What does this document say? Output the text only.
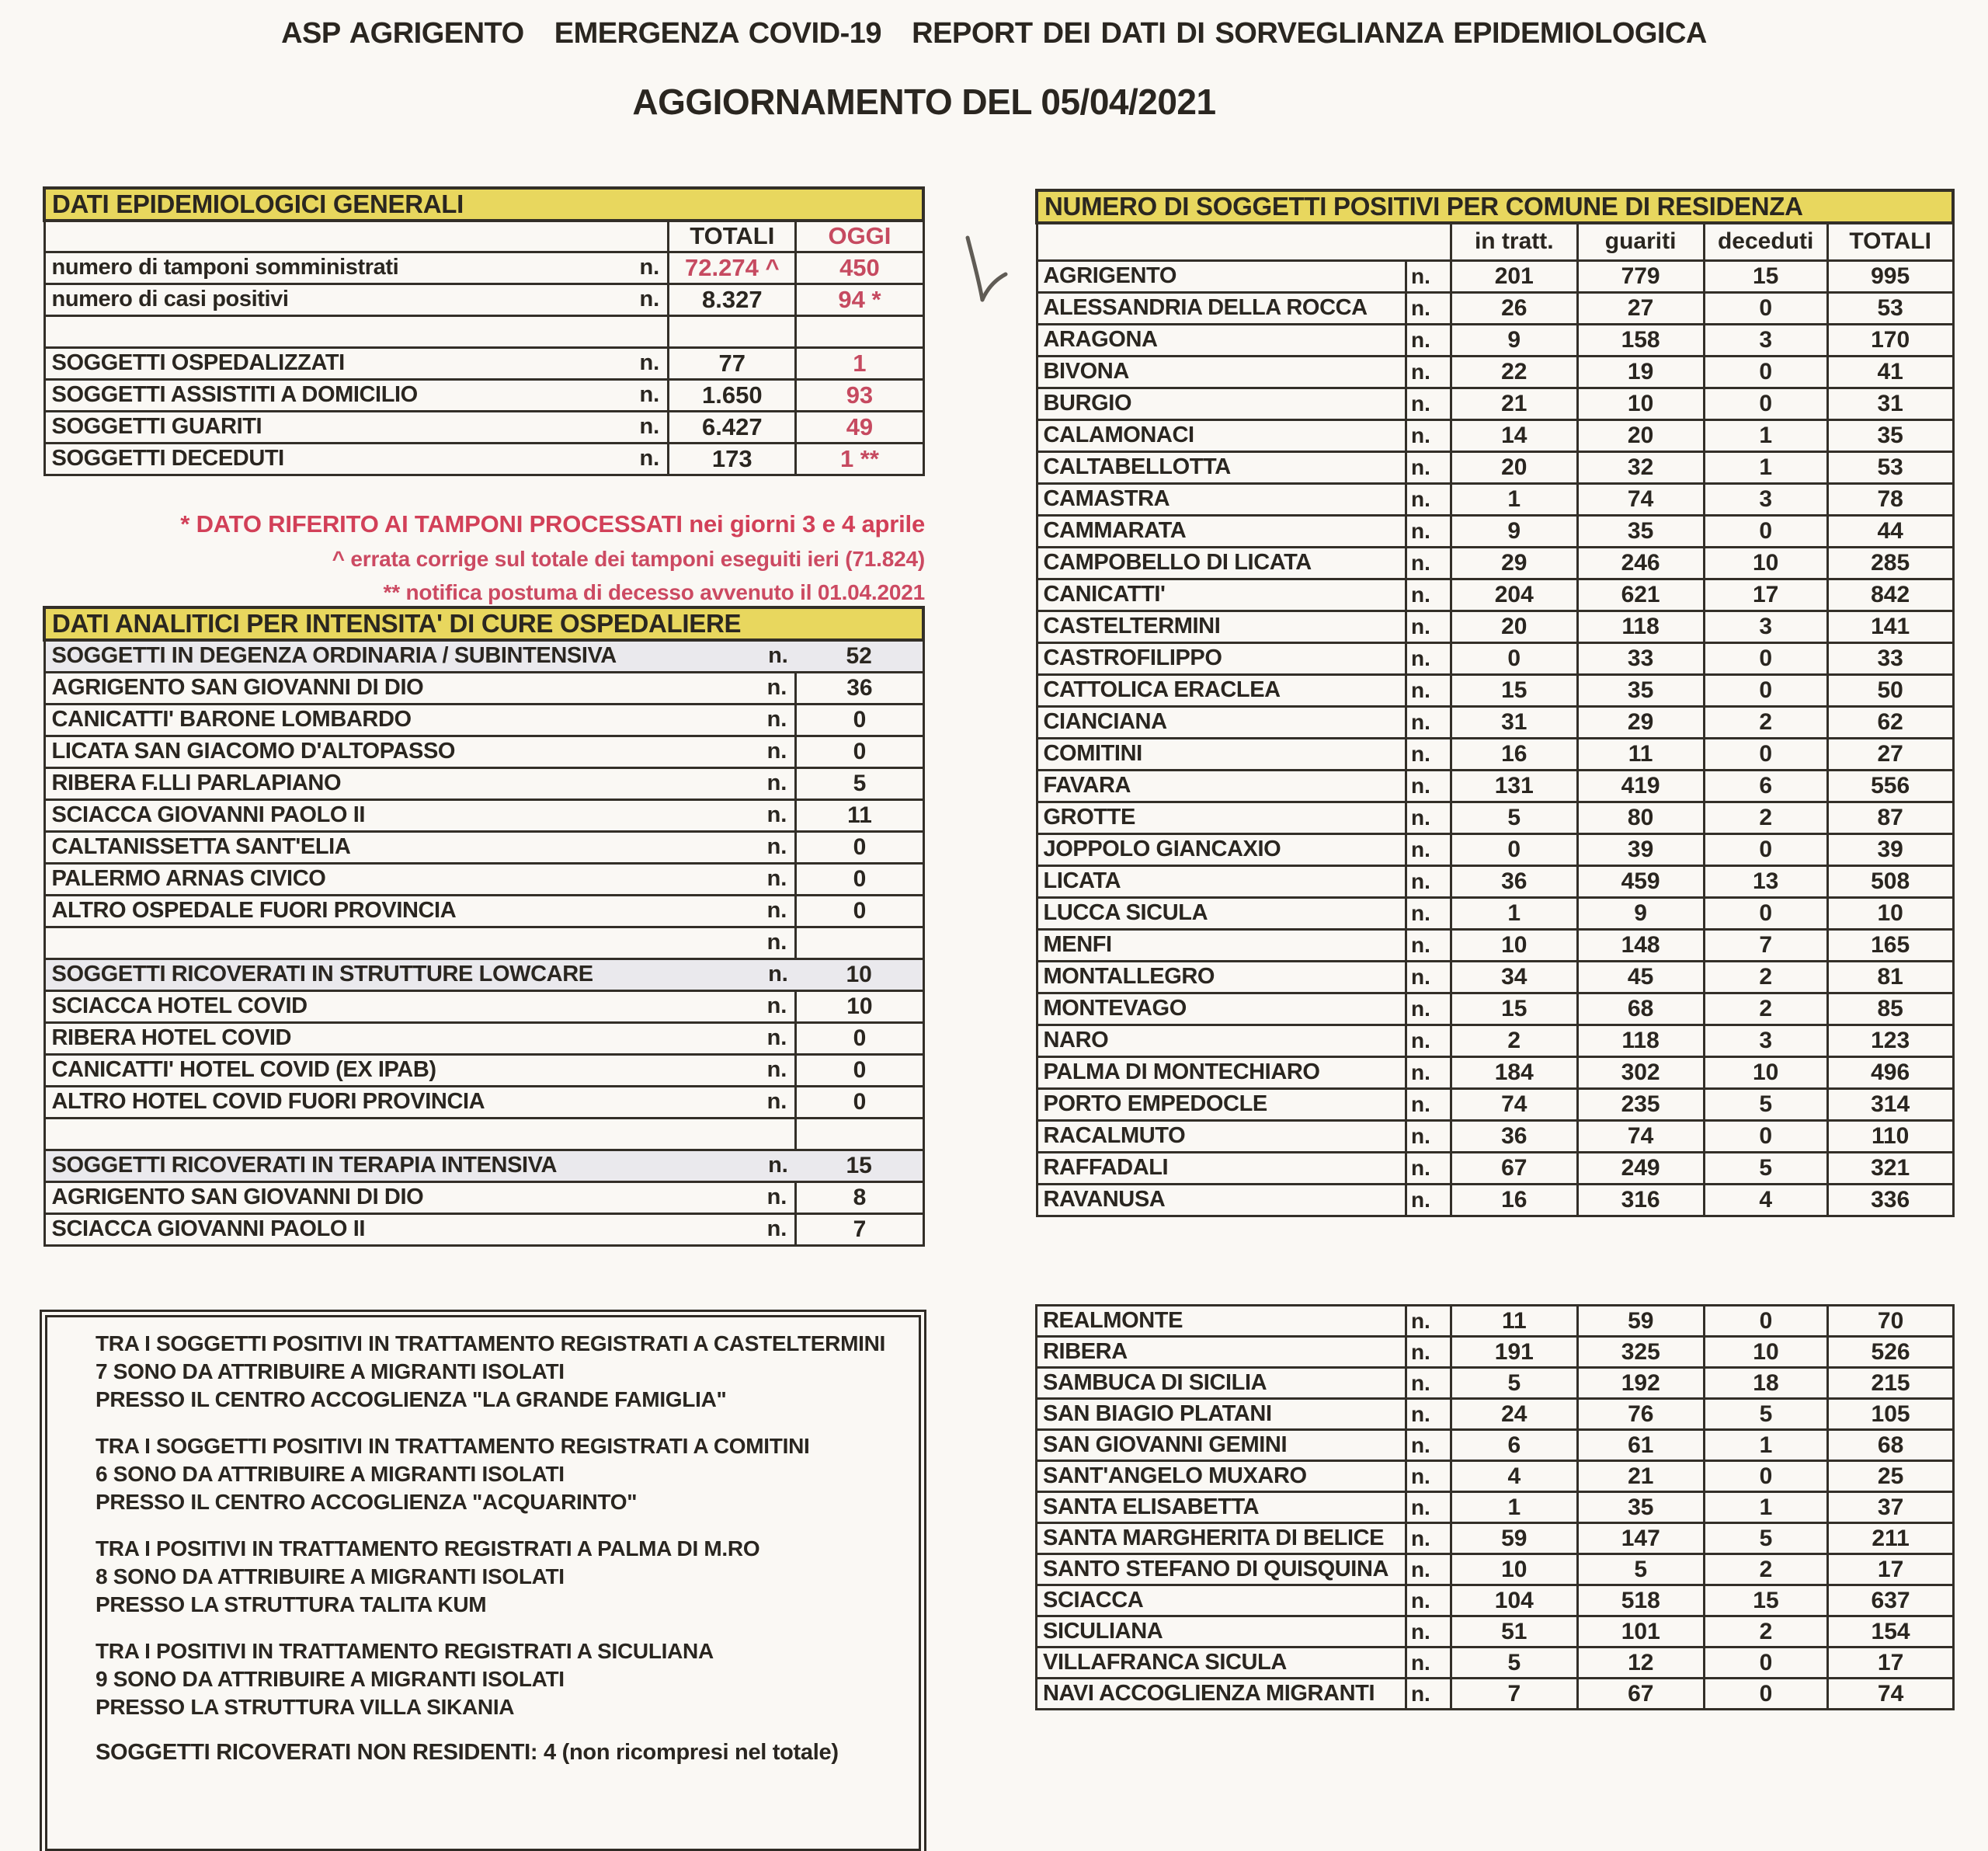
ASP AGRIGENTO   EMERGENZA COVID-19   REPORT DEI DATI DI SORVEGLIANZA EPIDEMIOLOGICA
AGGIORNAMENTO DEL 05/04/2021
DATI EPIDEMIOLOGICI GENERALI		
	TOTALI	OGGI

numero di tamponi somministrati n.	72.274 ^	450

numero di casi positivi n.	8.327	94 *

SOGGETTI OSPEDALIZZATI n.	77	1

SOGGETTI ASSISTITI A DOMICILIO n.	1.650	93

SOGGETTI GUARITI n.	6.427	49

SOGGETTI DECEDUTI n.	173	1 **
* DATO RIFERITO AI TAMPONI PROCESSATI nei giorni 3 e 4 aprile
^ errata corrige sul totale dei tamponi eseguiti ieri (71.824)
** notifica postuma di decesso avvenuto il 01.04.2021
DATI ANALITICI PER INTENSITA' DI CURE OSPEDALIERE	

SOGGETTI IN DEGENZA ORDINARIA / SUBINTENSIVA n.	52

AGRIGENTO SAN GIOVANNI DI DIO n.	36

CANICATTI' BARONE LOMBARDO n.	0

LICATA SAN GIACOMO D'ALTOPASSO n.	0

RIBERA F.LLI PARLAPIANO n.	5

SCIACCA GIOVANNI PAOLO II n.	11

CALTANISSETTA SANT'ELIA n.	0

PALERMO ARNAS CIVICO n.	0

ALTRO OSPEDALE FUORI PROVINCIA n.	0

n.	

SOGGETTI RICOVERATI IN STRUTTURE LOWCARE n.	10

SCIACCA HOTEL COVID n.	10

RIBERA HOTEL COVID n.	0

CANICATTI' HOTEL COVID (EX IPAB) n.	0

ALTRO HOTEL COVID FUORI PROVINCIA n.	0

SOGGETTI RICOVERATI IN TERAPIA INTENSIVA n.	15

AGRIGENTO SAN GIOVANNI DI DIO n.	8

SCIACCA GIOVANNI PAOLO II n.	7
TRA I SOGGETTI POSITIVI IN TRATTAMENTO REGISTRATI A CASTELTERMINI
7 SONO DA ATTRIBUIRE A MIGRANTI ISOLATI
PRESSO IL CENTRO ACCOGLIENZA "LA GRANDE FAMIGLIA"
TRA I SOGGETTI POSITIVI IN TRATTAMENTO REGISTRATI A COMITINI
6 SONO DA ATTRIBUIRE A MIGRANTI ISOLATI
PRESSO IL CENTRO ACCOGLIENZA "ACQUARINTO"
TRA I POSITIVI IN TRATTAMENTO REGISTRATI A PALMA DI M.RO
8 SONO DA ATTRIBUIRE A MIGRANTI ISOLATI
PRESSO LA STRUTTURA TALITA KUM
TRA I POSITIVI IN TRATTAMENTO REGISTRATI A SICULIANA
9 SONO DA ATTRIBUIRE A MIGRANTI ISOLATI
PRESSO LA STRUTTURA VILLA SIKANIA
SOGGETTI RICOVERATI NON RESIDENTI: 4 (non ricompresi nel totale)
NUMERO DI SOGGETTI POSITIVI PER COMUNE DI RESIDENZA					
		in tratt.	guariti	deceduti	TOTALI
AGRIGENTO	n.	201	779	15	995
ALESSANDRIA DELLA ROCCA	n.	26	27	0	53
ARAGONA	n.	9	158	3	170
BIVONA	n.	22	19	0	41
BURGIO	n.	21	10	0	31
CALAMONACI	n.	14	20	1	35
CALTABELLOTTA	n.	20	32	1	53
CAMASTRA	n.	1	74	3	78
CAMMARATA	n.	9	35	0	44
CAMPOBELLO DI LICATA	n.	29	246	10	285
CANICATTI'	n.	204	621	17	842
CASTELTERMINI	n.	20	118	3	141
CASTROFILIPPO	n.	0	33	0	33
CATTOLICA ERACLEA	n.	15	35	0	50
CIANCIANA	n.	31	29	2	62
COMITINI	n.	16	11	0	27
FAVARA	n.	131	419	6	556
GROTTE	n.	5	80	2	87
JOPPOLO GIANCAXIO	n.	0	39	0	39
LICATA	n.	36	459	13	508
LUCCA SICULA	n.	1	9	0	10
MENFI	n.	10	148	7	165
MONTALLEGRO	n.	34	45	2	81
MONTEVAGO	n.	15	68	2	85
NARO	n.	2	118	3	123
PALMA DI MONTECHIARO	n.	184	302	10	496
PORTO EMPEDOCLE	n.	74	235	5	314
RACALMUTO	n.	36	74	0	110
RAFFADALI	n.	67	249	5	321
RAVANUSA	n.	16	316	4	336
REALMONTE	n.	11	59	0	70
RIBERA	n.	191	325	10	526
SAMBUCA DI SICILIA	n.	5	192	18	215
SAN BIAGIO PLATANI	n.	24	76	5	105
SAN GIOVANNI GEMINI	n.	6	61	1	68
SANT'ANGELO MUXARO	n.	4	21	0	25
SANTA ELISABETTA	n.	1	35	1	37
SANTA MARGHERITA DI BELICE	n.	59	147	5	211
SANTO STEFANO DI QUISQUINA	n.	10	5	2	17
SCIACCA	n.	104	518	15	637
SICULIANA	n.	51	101	2	154
VILLAFRANCA SICULA	n.	5	12	0	17
NAVI ACCOGLIENZA MIGRANTI	n.	7	67	0	74
